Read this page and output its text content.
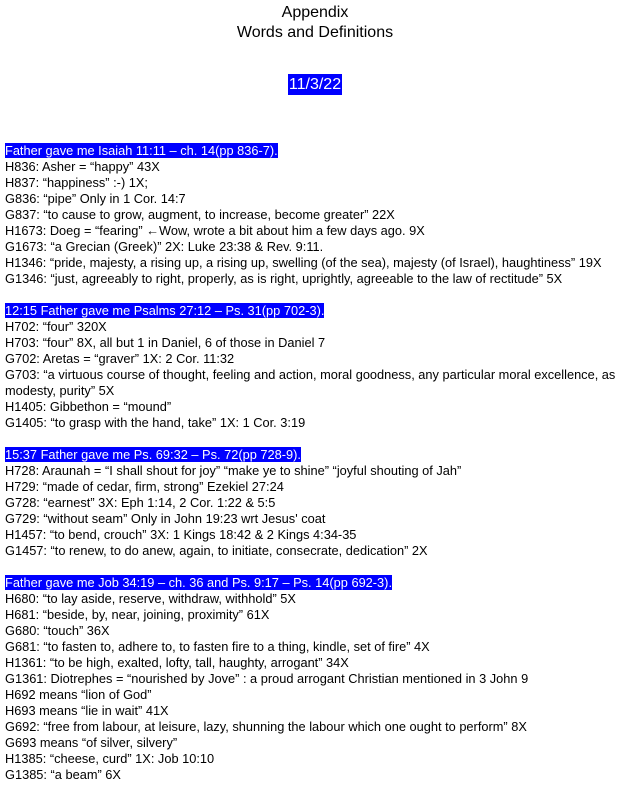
Appendix
Words and Definitions
11/3/22
Father gave me Isaiah 11:11 – ch. 14(pp 836-7).
H836: Asher = “happy” 43X
H837: “happiness” :-) 1X;
G836: “pipe” Only in 1 Cor. 14:7
G837: “to cause to grow, augment, to increase, become greater” 22X
H1673: Doeg = “fearing” ←Wow, wrote a bit about him a few days ago. 9X
G1673: “a Grecian (Greek)” 2X: Luke 23:38 & Rev. 9:11.
H1346: “pride, majesty, a rising up, a rising up, swelling (of the sea), majesty (of Israel), haughtiness” 19X
G1346: “just, agreeably to right, properly, as is right, uprightly, agreeable to the law of rectitude” 5X
12:15 Father gave me Psalms 27:12 – Ps. 31(pp 702-3).
H702: “four” 320X
H703: “four” 8X, all but 1 in Daniel, 6 of those in Daniel 7
G702: Aretas = “graver” 1X: 2 Cor. 11:32
G703: “a virtuous course of thought, feeling and action, moral goodness, any particular moral excellence, as modesty, purity” 5X
H1405: Gibbethon = “mound”
G1405: “to grasp with the hand, take” 1X: 1 Cor. 3:19
15:37 Father gave me Ps. 69:32 – Ps. 72(pp 728-9).
H728: Araunah = “I shall shout for joy” “make ye to shine” “joyful shouting of Jah”
H729: “made of cedar, firm, strong” Ezekiel 27:24
G728: “earnest” 3X: Eph 1:14, 2 Cor. 1:22 & 5:5
G729: “without seam” Only in John 19:23 wrt Jesus' coat
H1457: “to bend, crouch” 3X: 1 Kings 18:42 & 2 Kings 4:34-35
G1457: “to renew, to do anew, again, to initiate, consecrate, dedication” 2X
Father gave me Job 34:19 – ch. 36 and Ps. 9:17 – Ps. 14(pp 692-3).
H680: “to lay aside, reserve, withdraw, withhold” 5X
H681: “beside, by, near, joining, proximity” 61X
G680: “touch” 36X
G681: “to fasten to, adhere to, to fasten fire to a thing, kindle, set of fire” 4X
H1361: “to be high, exalted, lofty, tall, haughty, arrogant” 34X
G1361: Diotrephes = “nourished by Jove” : a proud arrogant Christian mentioned in 3 John 9
H692 means “lion of God”
H693 means “lie in wait” 41X
G692: “free from labour, at leisure, lazy, shunning the labour which one ought to perform” 8X
G693 means “of silver, silvery”
H1385: “cheese, curd” 1X: Job 10:10
G1385: “a beam” 6X
